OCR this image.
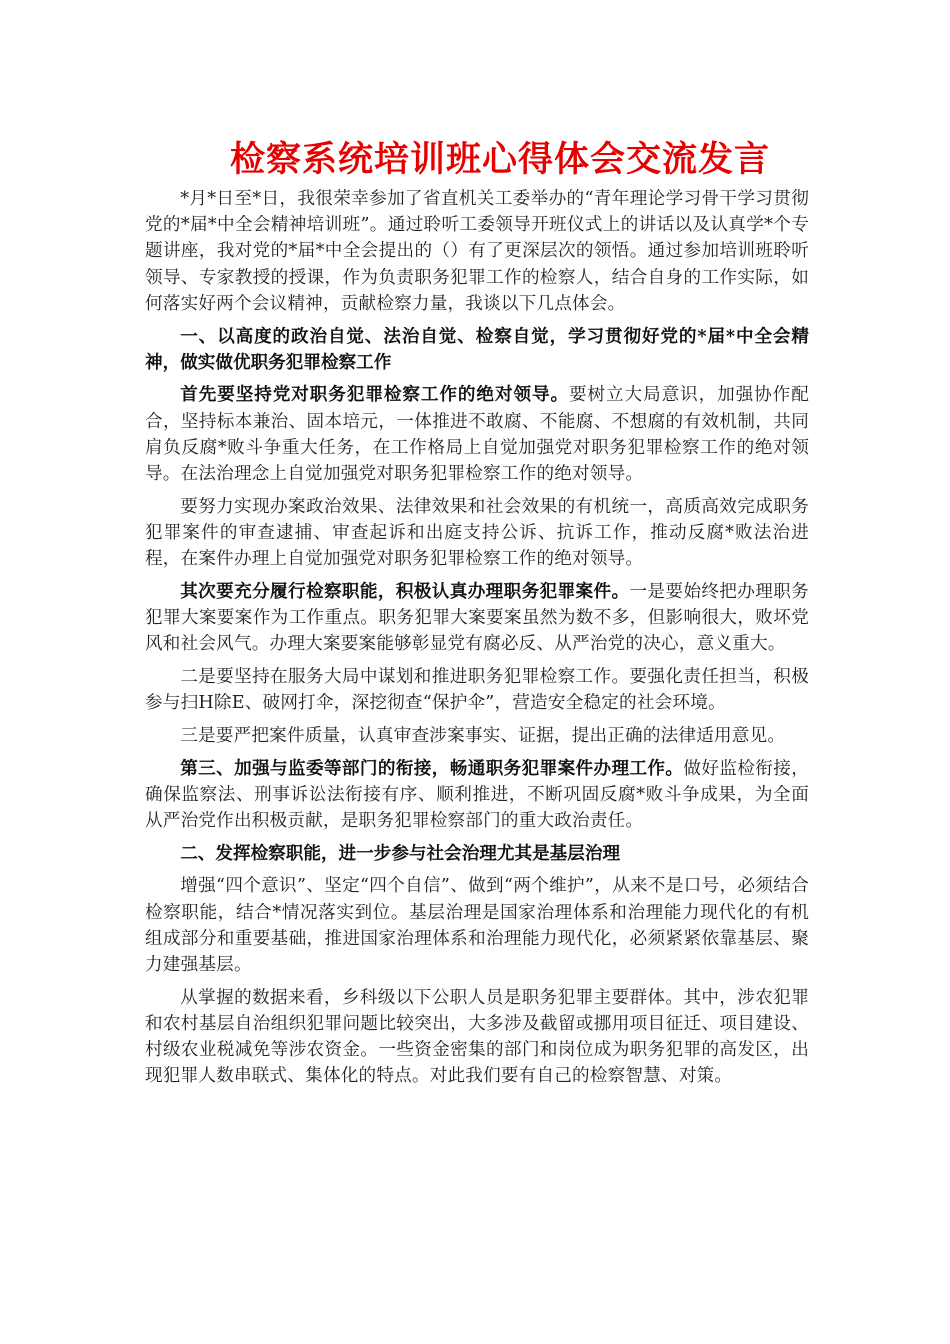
检察系统培训班心得体会交流发言

*月*日至*日，我很荣幸参加了省直机关工委举办的“青年理论学习骨干学习贯彻党的*届*中全会精神培训班”。通过聆听工委领导开班仪式上的讲话以及认真学*个专题讲座，我对党的*届*中全会提出的（）有了更深层次的领悟。通过参加培训班聆听领导、专家教授的授课，作为负责职务犯罪工作的检察人，结合自身的工作实际，如何落实好两个会议精神，贡献检察力量，我谈以下几点体会。

一、以高度的政治自觉、法治自觉、检察自觉，学习贯彻好党的*届*中全会精神，做实做优职务犯罪检察工作

首先要坚持党对职务犯罪检察工作的绝对领导。要树立大局意识，加强协作配合，坚持标本兼治、固本培元，一体推进不敢腐、不能腐、不想腐的有效机制，共同肩负反腐*败斗争重大任务，在工作格局上自觉加强党对职务犯罪检察工作的绝对领导。在法治理念上自觉加强党对职务犯罪检察工作的绝对领导。

要努力实现办案政治效果、法律效果和社会效果的有机统一，高质高效完成职务犯罪案件的审查逮捕、审查起诉和出庭支持公诉、抗诉工作，推动反腐*败法治进程，在案件办理上自觉加强党对职务犯罪检察工作的绝对领导。

其次要充分履行检察职能，积极认真办理职务犯罪案件。一是要始终把办理职务犯罪大案要案作为工作重点。职务犯罪大案要案虽然为数不多，但影响很大，败坏党风和社会风气。办理大案要案能够彰显党有腐必反、从严治党的决心，意义重大。

二是要坚持在服务大局中谋划和推进职务犯罪检察工作。要强化责任担当，积极参与扫H除E、破网打伞，深挖彻查“保护伞”，营造安全稳定的社会环境。

三是要严把案件质量，认真审查涉案事实、证据，提出正确的法律适用意见。

第三、加强与监委等部门的衔接，畅通职务犯罪案件办理工作。做好监检衔接，确保监察法、刑事诉讼法衔接有序、顺利推进，不断巩固反腐*败斗争成果，为全面从严治党作出积极贡献，是职务犯罪检察部门的重大政治责任。

二、发挥检察职能，进一步参与社会治理尤其是基层治理

增强“四个意识”、坚定“四个自信”、做到“两个维护”，从来不是口号，必须结合检察职能，结合*情况落实到位。基层治理是国家治理体系和治理能力现代化的有机组成部分和重要基础，推进国家治理体系和治理能力现代化，必须紧紧依靠基层、聚力建强基层。

从掌握的数据来看，乡科级以下公职人员是职务犯罪主要群体。其中，涉农犯罪和农村基层自治组织犯罪问题比较突出，大多涉及截留或挪用项目征迁、项目建设、村级农业税减免等涉农资金。一些资金密集的部门和岗位成为职务犯罪的高发区，出现犯罪人数串联式、集体化的特点。对此我们要有自己的检察智慧、对策。
